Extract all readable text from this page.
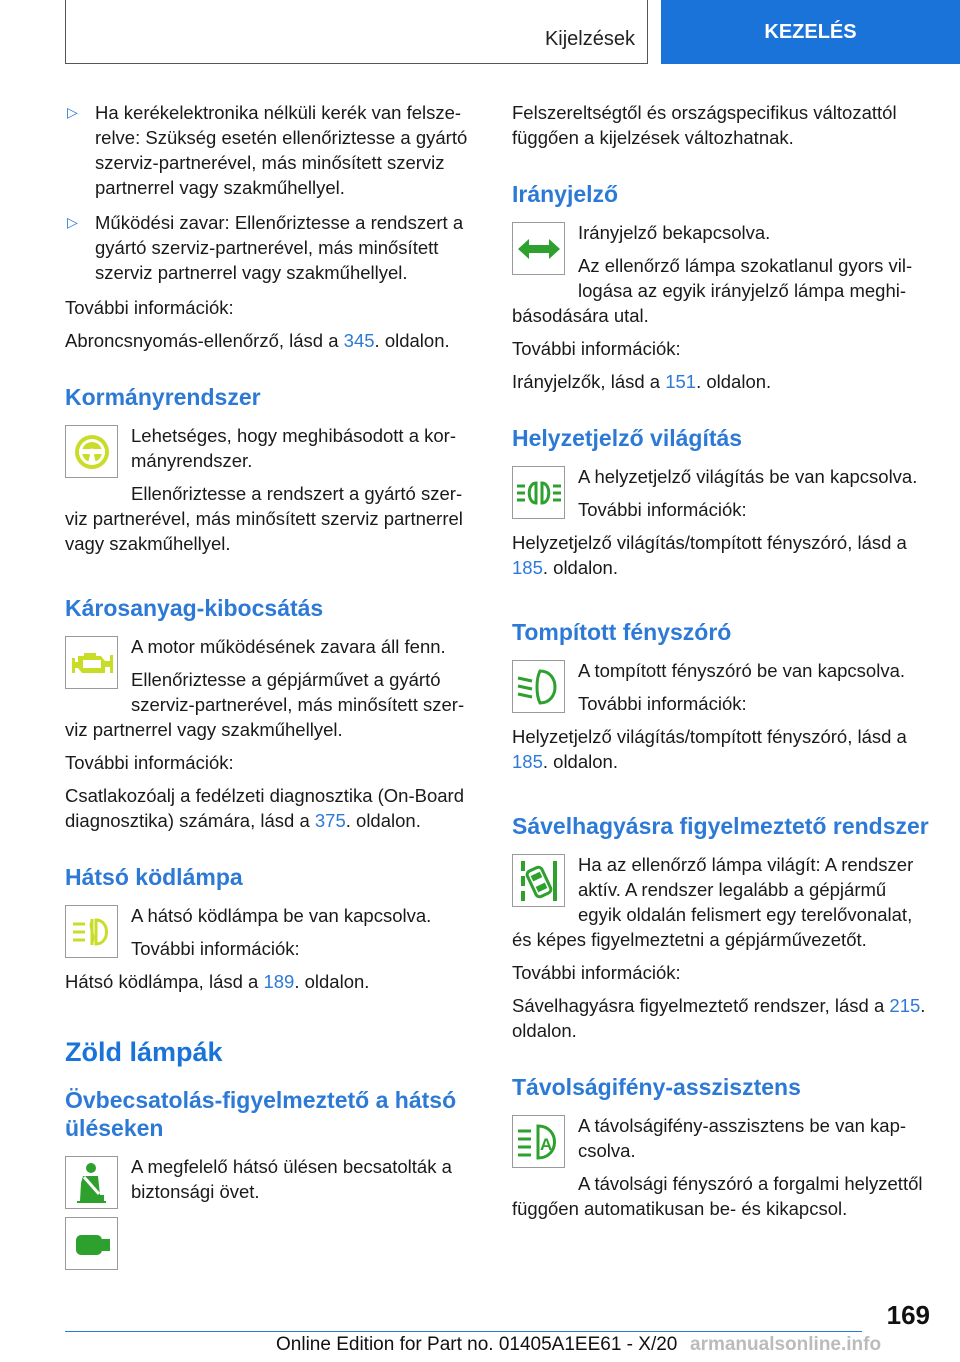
Kijelzések	KEZELÉS

▷ Ha kerékelektronika nélküli kerék van felszerelve: Szükség esetén ellenőriztesse a gyártó szerviz-partnerével, más minősített szerviz partnerrel vagy szakműhellyel.

▷ Működési zavar: Ellenőriztesse a rendszert a gyártó szerviz-partnerével, más minősített szerviz partnerrel vagy szakműhellyel.

További információk:

Abroncsnyomás-ellenőrző, lásd a 345. oldalon.

Kormányrendszer

Lehetséges, hogy meghibásodott a kormányrendszer.

Ellenőriztesse a rendszert a gyártó szerviz partnerével, más minősített szerviz partnerrel vagy szakműhellyel.

Károsanyag-kibocsátás

A motor működésének zavara áll fenn.

Ellenőriztesse a gépjárművet a gyártó szerviz-partnerével, más minősített szerviz partnerrel vagy szakműhellyel.

További információk:

Csatlakozóalj a fedélzeti diagnosztika (On-Board diagnosztika) számára, lásd a 375. oldalon.

Hátsó ködlámpa

A hátsó ködlámpa be van kapcsolva.

További információk:

Hátsó ködlámpa, lásd a 189. oldalon.

Zöld lámpák
Övbecsatolás-figyelmeztető a hátsó üléseken

A megfelelő hátsó ülésen becsatolták a biztonsági övet.

Felszereltségtől és országspecifikus változattól függően a kijelzések változhatnak.

Irányjelző

Irányjelző bekapcsolva.

Az ellenőrző lámpa szokatlanul gyors villogása az egyik irányjelző lámpa meghibásodására utal.

További információk:

Irányjelzők, lásd a 151. oldalon.

Helyzetjelző világítás

A helyzetjelző világítás be van kapcsolva.

További információk:

Helyzetjelző világítás/tompított fényszóró, lásd a 185. oldalon.

Tompított fényszóró

A tompított fényszóró be van kapcsolva.

További információk:

Helyzetjelző világítás/tompított fényszóró, lásd a 185. oldalon.

Sávelhagyásra figyelmeztető rendszer

Ha az ellenőrző lámpa világít: A rendszer aktív. A rendszer legalább a gépjármű egyik oldalán felismert egy terelővonalat, és képes figyelmeztetni a gépjárművezetőt.

További információk:

Sávelhagyásra figyelmeztető rendszer, lásd a 215. oldalon.

Távolságifény-asszisztens
A

A távolságifény-asszisztens be van kapcsolva.

A távolsági fényszóró a forgalmi helyzettől függően automatikusan be- és kikapcsol.

169
Online Edition for Part no. 01405A1EE61 - X/20 armanualsonline.info
